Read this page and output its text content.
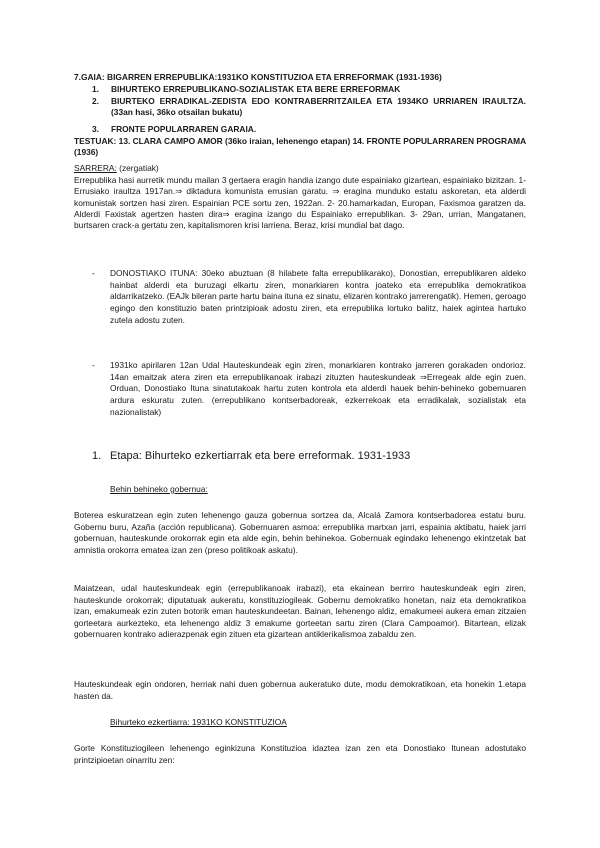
7.GAIA: BIGARREN ERREPUBLIKA:1931KO KONSTITUZIOA ETA ERREFORMAK (1931-1936)
1. BIHURTEKO ERREPUBLIKANO-SOZIALISTAK ETA BERE ERREFORMAK
2. BIURTEKO ERRADIKAL-ZEDISTA EDO KONTRABERRITZAILEA ETA 1934KO URRIAREN IRAULTZA. (33an hasi, 36ko otsailan bukatu)
3. FRONTE POPULARRAREN GARAIA.
TESTUAK: 13. CLARA CAMPO AMOR (36ko iraian, lehenengo etapan) 14. FRONTE POPULARRAREN PROGRAMA (1936)
SARRERA: (zergatiak)
Errepublika hasi aurretik mundu mailan 3 gertaera eragin handia izango dute espainiako gizartean, espainiako bizitzan. 1-Errusiako iraultza 1917an.⇒ diktadura komunista errusian garatu. ⇒ eragina munduko estatu askoretan, eta alderdi komunistak sortzen hasi ziren. Espainian PCE sortu zen, 1922an. 2- 20.hamarkadan, Europan, Faxismoa garatzen da. Alderdi Faxistak agertzen hasten dira⇒ eragina izango du Espainiako errepublikan. 3- 29an, urrian, Mangatanen, burtsaren crack-a gertatu zen, kapitalismoren krisi larriena. Beraz, krisi mundial bat dago.
- DONOSTIAKO ITUNA: 30eko abuztuan (8 hilabete falta errepublikarako), Donostian, errepublikaren aldeko hainbat alderdi eta buruzagi elkartu ziren, monarkiaren kontra joateko eta errepublika demokratikoa aldarrikatzeko. (EAJk bileran parte hartu baina ituna ez sinatu, elizaren kontrako jarrerengatik). Hemen, geroago egingo den konstituzio baten printzipioak adostu ziren, eta errepublika lortuko balitz, haiek agintea hartuko zutela adostu zuten.
- 1931ko apirilaren 12an Udal Hauteskundeak egin ziren, monarkiaren kontrako jarreren gorakaden ondorioz. 14an emaitzak atera ziren eta errepublikanoak irabazi zituzten hauteskundeak ⇒Erregeak alde egin zuen. Orduan, Donostiako Ituna sinatutakoak hartu zuten kontrola eta alderdi hauek behin-behineko gobernuaren ardura eskuratu zuten. (errepublikano kontserbadoreak, ezkerrekoak eta erradikalak, sozialistak eta nazionalistak)
1. Etapa: Bihurteko ezkertiarrak eta bere erreformak. 1931-1933
Behin behineko gobernua:
Boterea eskuratzean egin zuten lehenengo gauza gobernua sortzea da, Alcalá Zamora kontserbadorea estatu buru. Gobernu buru, Azaña (acción republicana). Gobernuaren asmoa: errepublika martxan jarri, espainia aktibatu, haiek jarri gobernuan, hauteskunde orokorrak egin eta alde egin, behin behinekoa. Gobernuak egindako lehenengo ekintzetak bat amnistia orokorra ematea izan zen (preso politikoak askatu).
Maiatzean, udal hauteskundeak egin (errepublikanoak irabazi), eta ekainean berriro hauteskundeak egin ziren, hauteskunde orokorrak; diputatuak aukeratu, konstituziogileak. Gobernu demokratiko honetan, naiz eta demokratikoa izan, emakumeak ezin zuten botorik eman hauteskundeetan. Bainan, lehenengo aldiz, emakumeei aukera eman zitzaien gorteetara aurkezteko, eta lehenengo aldiz 3 emakume gorteetan sartu ziren (Clara Campoamor). Bitartean, elizak gobernuaren kontrako adierazpenak egin zituen eta gizartean antiklerikalismoa zabaldu zen.
Hauteskundeak egin ondoren, herriak nahi duen gobernua aukeratuko dute, modu demokratikoan, eta honekin 1.etapa hasten da.
Bihurteko ezkertiarra: 1931KO KONSTITUZIOA
Gorte Konstituziogileen lehenengo eginkizuna Konstituzioa idaztea izan zen eta Donostiako Itunean adostutako printzipioetan oinarritu zen:
